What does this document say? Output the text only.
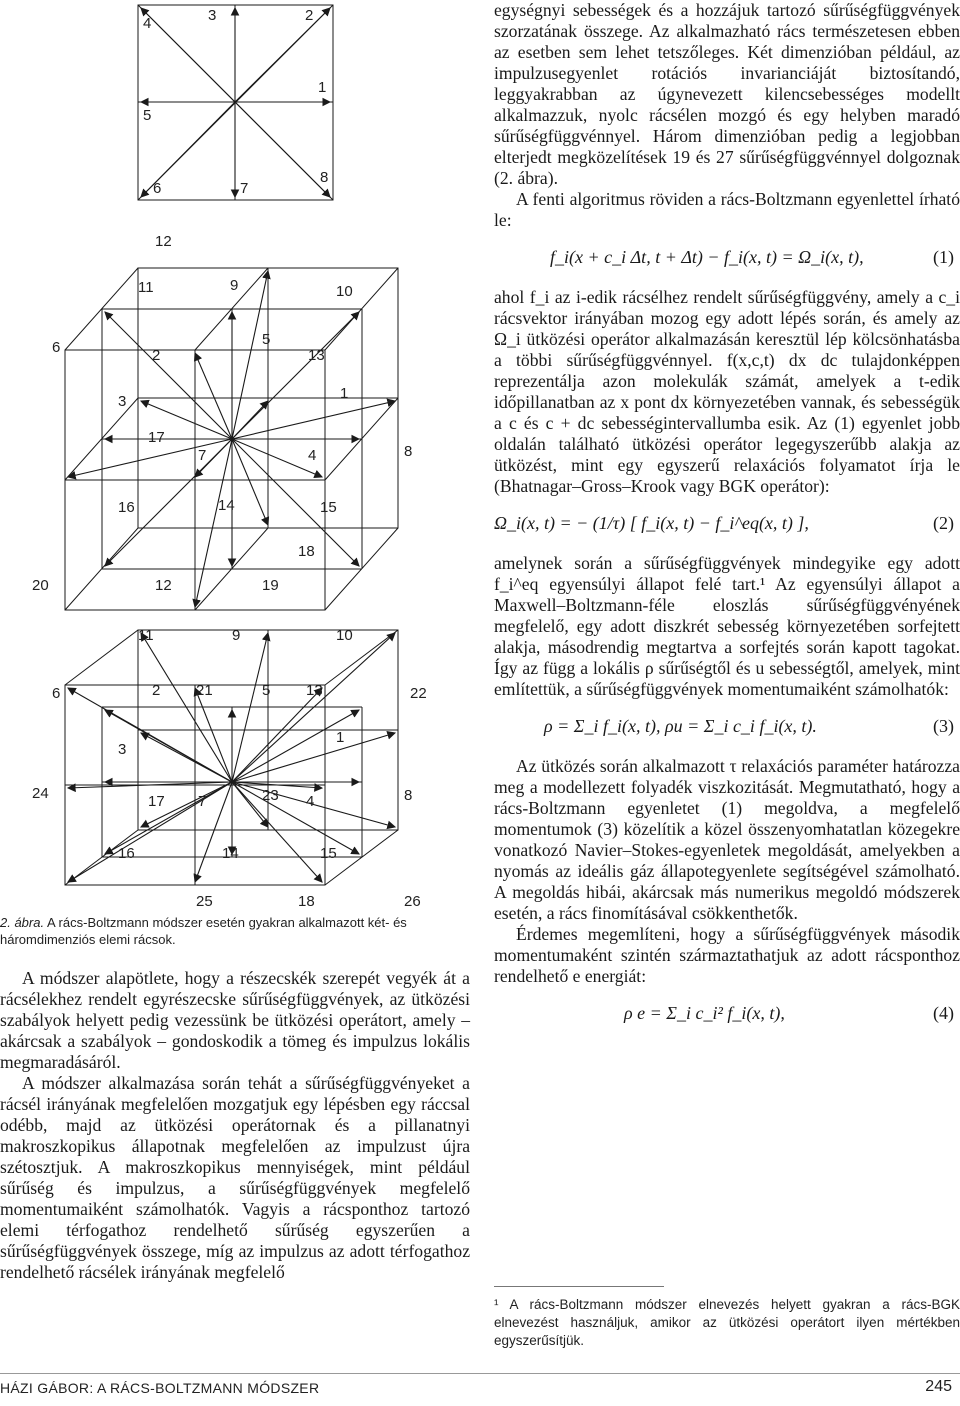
4	3	2
5
1
6	7
8
12
11	9	10
6	2
5
13
3	1
17
7	4	8
16	14	15
18
20	12	19
11	9	10
6	2 21	5 13	22
3
1
24	17 7	23 4	8
16	14	15
25	18	26
2. ábra. A rács-Boltzmann módszer esetén gyakran alkalmazott két- és háromdimenziós elemi rácsok.

A módszer alapötlete, hogy a részecskék szerepét vegyék át a rácsélekhez rendelt egyrészecske sűrűségfüggvények, az ütközési szabályok helyett pedig vezessünk be ütközési operátort, amely – akárcsak a szabályok – gondoskodik a tömeg és impulzus lokális megmaradásáról.

A módszer alkalmazása során tehát a sűrűségfüggvényeket a rácsél irányának megfelelően mozgatjuk egy lépésben egy ráccsal odébb, majd az ütközési operátornak és a pillanatnyi makroszkopikus állapotnak megfelelően az impulzust újra szétosztjuk. A makroszkopikus mennyiségek, mint például sűrűség és impulzus, a sűrűségfüggvények megfelelő momentumaiként számolhatók. Vagyis a rácsponthoz tartozó elemi térfogathoz rendelhető sűrűség egyszerűen a sűrűségfüggvények összege, míg az impulzus az adott térfogathoz rendelhető rácsélek irányának megfelelő

egységnyi sebességek és a hozzájuk tartozó sűrűségfüggvények szorzatának összege. Az alkalmazható rács természetesen ebben az esetben sem lehet tetszőleges. Két dimenzióban például, az impulzusegyenlet rotációs invarianciáját biztosítandó, leggyakrabban az úgynevezett kilencsebességes modellt alkalmazzuk, nyolc rácsélen mozgó és egy helyben maradó sűrűségfüggvénnyel. Három dimenzióban pedig a legjobban elterjedt megközelítések 19 és 27 sűrűségfüggvénnyel dolgoznak (2. ábra).

A fenti algoritmus röviden a rács-Boltzmann egyenlettel írható le:

f_i(x + c_i Δt, t + Δt) − f_i(x, t) = Ω_i(x, t),	(1)

ahol f_i az i-edik rácsélhez rendelt sűrűségfüggvény, amely a c_i rácsvektor irányában mozog egy adott lépés során, és amely az Ω_i ütközési operátor alkalmazásán keresztül lép kölcsönhatásba a többi sűrűségfüggvénnyel. f(x,c,t) dx dc tulajdonképpen reprezentálja azon molekulák számát, amelyek a t-edik időpillanatban az x pont dx környezetében vannak, és sebességük a c és c + dc sebességintervallumba esik. Az (1) egyenlet jobb oldalán található ütközési operátor legegyszerűbb alakja az ütközést, mint egy egyszerű relaxációs folyamatot írja le (Bhatnagar–Gross–Krook vagy BGK operátor):

Ω_i(x, t) = − (1/τ) [ f_i(x, t) − f_i^eq(x, t) ],	(2)

amelynek során a sűrűségfüggvények mindegyike egy adott f_i^eq egyensúlyi állapot felé tart.¹ Az egyensúlyi állapot a Maxwell–Boltzmann-féle eloszlás sűrűségfüggvényének megfelelő, egy adott diszkrét sebesség környezetében sorfejtett alakja, másodrendig megtartva a sorfejtés során kapott tagokat. Így az függ a lokális ρ sűrűségtől és u sebességtől, amelyek, mint említettük, a sűrűségfüggvények momentumaiként számolhatók:

ρ = Σ_i f_i(x, t), ρu = Σ_i c_i f_i(x, t).	(3)

Az ütközés során alkalmazott τ relaxációs paraméter határozza meg a modellezett folyadék viszkozitását. Megmutatható, hogy a rács-Boltzmann egyenletet (1) megoldva, a megfelelő momentumok (3) közelítik a közel összenyomhatatlan közegekre vonatkozó Navier–Stokes-egyenletek megoldását, amelyekben a nyomás az ideális gáz állapotegyenlete segítségével számolható. A megoldás hibái, akárcsak más numerikus megoldó módszerek esetén, a rács finomításával csökkenthetők.

Érdemes megemlíteni, hogy a sűrűségfüggvények második momentumaként szintén származtathatjuk az adott rácsponthoz rendelhető e energiát:

ρ e = Σ_i c_i² f_i(x, t),	(4)
¹ A rács-Boltzmann módszer elnevezés helyett gyakran a rács-BGK elnevezést használjuk, amikor az ütközési operátort ilyen mértékben egyszerűsítjük.
HÁZI GÁBOR: A RÁCS-BOLTZMANN MÓDSZER	245
